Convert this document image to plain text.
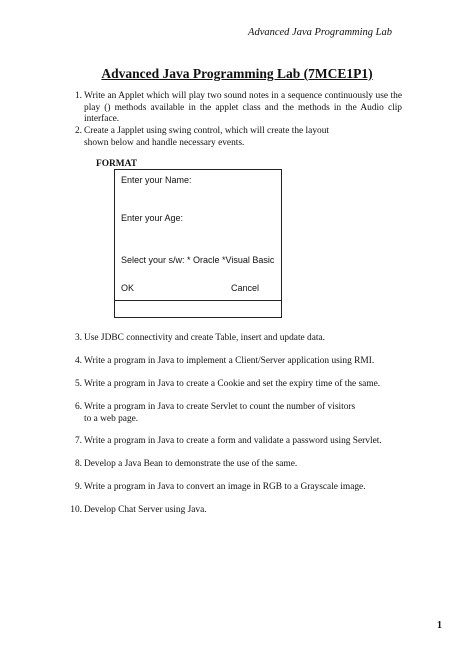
Advanced Java Programming Lab
Advanced Java Programming Lab (7MCE1P1)
1. Write an Applet which will play two sound notes in a sequence continuously use the play () methods available in the applet class and the methods in the Audio clip interface.
2. Create a Japplet using swing control, which will create the layout shown below and handle necessary events.
FORMAT
Enter your Name:
Enter your Age:
Select your s/w: * Oracle *Visual Basic
OK	Cancel
3. Use JDBC connectivity and create Table, insert and update data.
4. Write a program in Java to implement a Client/Server application using RMI.
5. Write a program in Java to create a Cookie and set the expiry time of the same.
6. Write a program in Java to create Servlet to count the number of visitors
to a web page.
7. Write a program in Java to create a form and validate a password using Servlet.
8. Develop a Java Bean to demonstrate the use of the same.
9. Write a program in Java to convert an image in RGB to a Grayscale image.
10. Develop Chat Server using Java.
1
